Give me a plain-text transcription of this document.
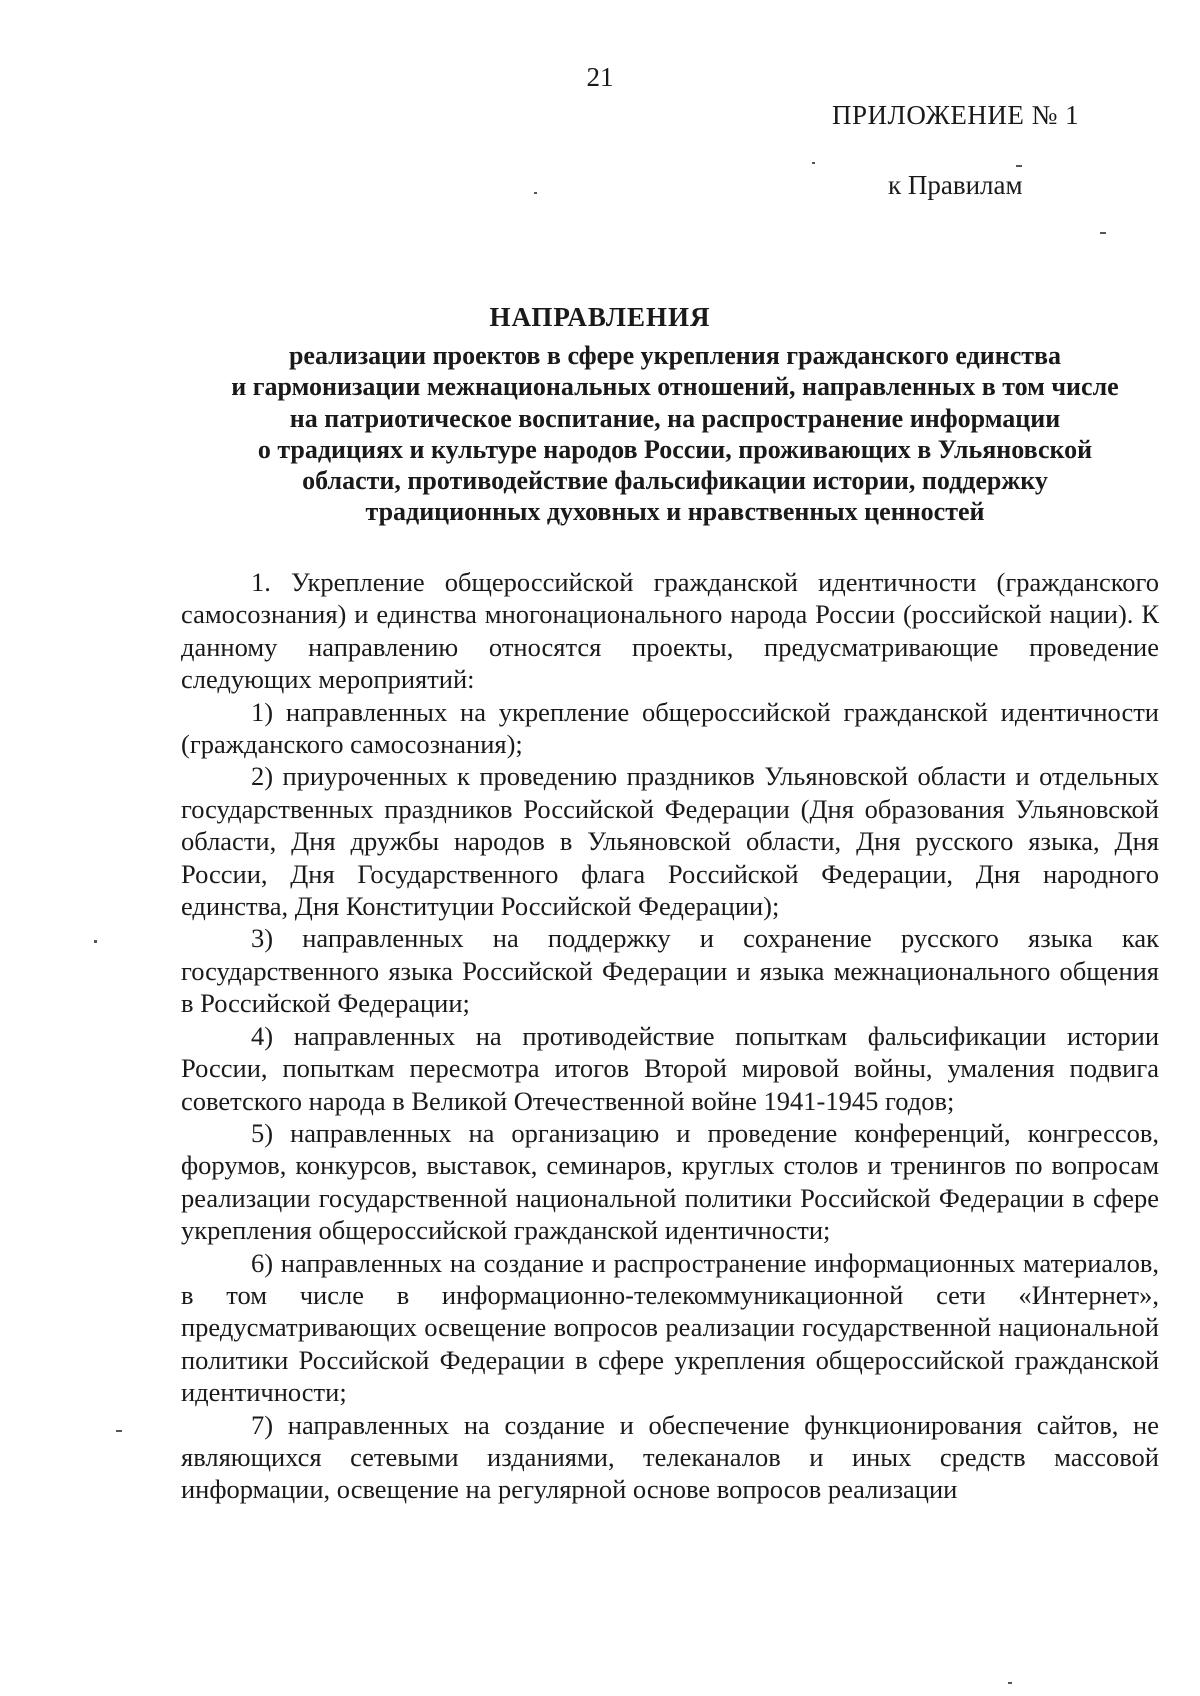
21
ПРИЛОЖЕНИЕ № 1
к Правилам
НАПРАВЛЕНИЯ
реализации проектов в сфере укрепления гражданского единства
и гармонизации межнациональных отношений, направленных в том числе
на патриотическое воспитание, на распространение информации
о традициях и культуре народов России, проживающих в Ульяновской
области, противодействие фальсификации истории, поддержку
традиционных духовных и нравственных ценностей

1. Укрепление общероссийской гражданской идентичности (гражданского самосознания) и единства многонационального народа России (российской нации). К данному направлению относятся проекты, предусматривающие проведение следующих мероприятий:

1) направленных на укрепление общероссийской гражданской идентичности (гражданского самосознания);

2) приуроченных к проведению праздников Ульяновской области и отдельных государственных праздников Российской Федерации (Дня образования Ульяновской области, Дня дружбы народов в Ульяновской области, Дня русского языка, Дня России, Дня Государственного флага Российской Федерации, Дня народного единства, Дня Конституции Российской Федерации);

3) направленных на поддержку и сохранение русского языка как государственного языка Российской Федерации и языка межнационального общения в Российской Федерации;

4) направленных на противодействие попыткам фальсификации истории России, попыткам пересмотра итогов Второй мировой войны, умаления подвига советского народа в Великой Отечественной войне 1941-1945 годов;

5) направленных на организацию и проведение конференций, конгрессов, форумов, конкурсов, выставок, семинаров, круглых столов и тренингов по вопросам реализации государственной национальной политики Российской Федерации в сфере укрепления общероссийской гражданской идентичности;

6) направленных на создание и распространение информационных материалов, в том числе в информационно-телекоммуникационной сети «Интернет», предусматривающих освещение вопросов реализации государственной национальной политики Российской Федерации в сфере укрепления общероссийской гражданской идентичности;

7) направленных на создание и обеспечение функционирования сайтов, не являющихся сетевыми изданиями, телеканалов и иных средств массовой информации, освещение на регулярной основе вопросов реализации
